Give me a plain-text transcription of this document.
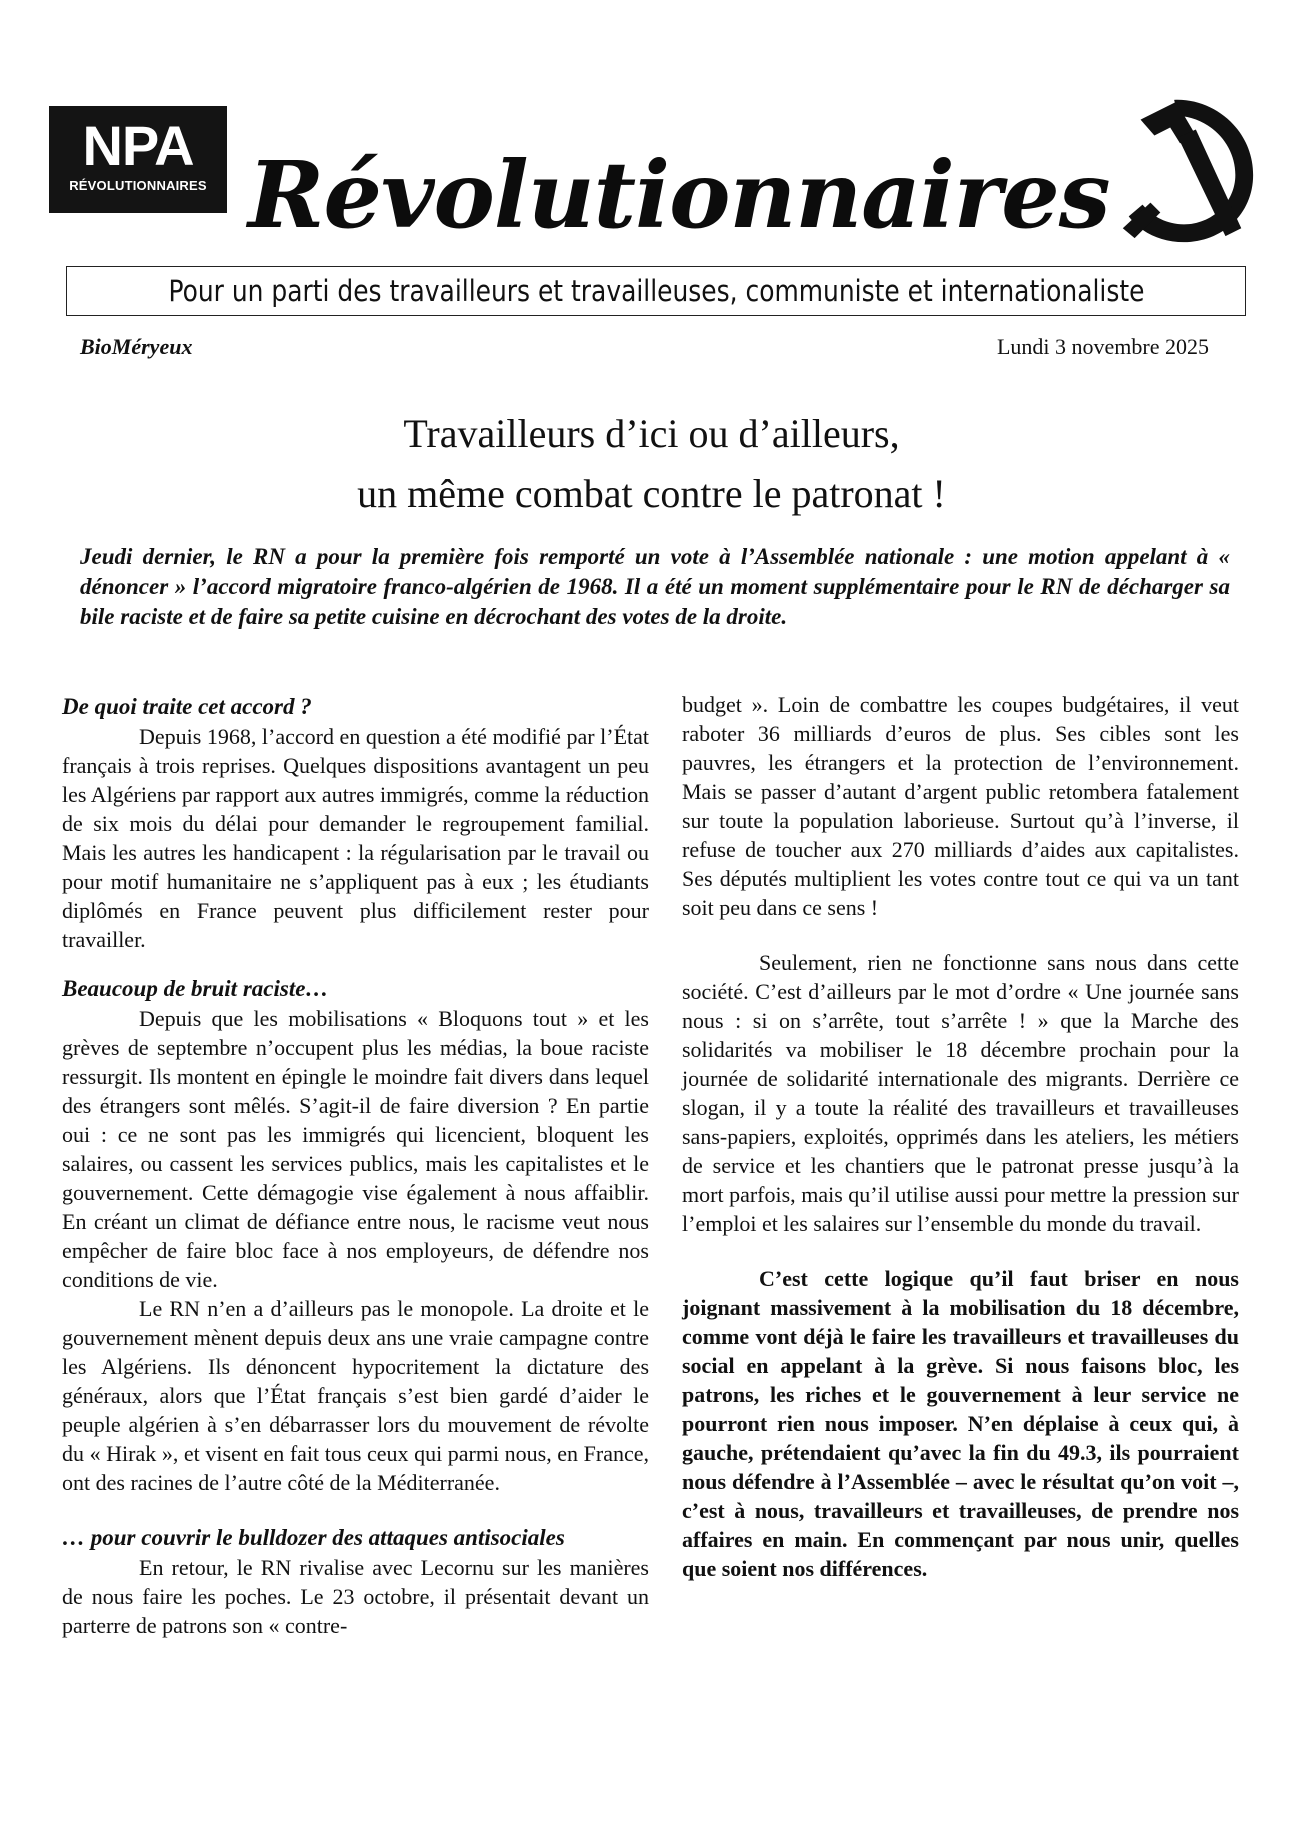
NPA
RÉVOLUTIONNAIRES Révolutionnaires
Pour un parti des travailleurs et travailleuses, communiste et internationaliste
BioMéryeux	Lundi 3 novembre 2025
Travailleurs d’ici ou d’ailleurs,
un même combat contre le patronat !
Jeudi dernier, le RN a pour la première fois remporté un vote à l’Assemblée nationale : une motion appelant à « dénoncer » l’accord migratoire franco-algérien de 1968. Il a été un moment supplémentaire pour le RN de décharger sa bile raciste et de faire sa petite cuisine en décrochant des votes de la droite.
De quoi traite cet accord ?

Depuis 1968, l’accord en question a été modifié par l’État français à trois reprises. Quelques dispositions avantagent un peu les Algériens par rapport aux autres immigrés, comme la réduction de six mois du délai pour demander le regroupement familial. Mais les autres les handicapent : la régularisation par le travail ou pour motif humanitaire ne s’appliquent pas à eux ; les étudiants diplômés en France peuvent plus difficilement rester pour travailler.

Beaucoup de bruit raciste…

Depuis que les mobilisations « Bloquons tout » et les grèves de septembre n’occupent plus les médias, la boue raciste ressurgit. Ils montent en épingle le moindre fait divers dans lequel des étrangers sont mêlés. S’agit-il de faire diversion ? En partie oui : ce ne sont pas les immigrés qui licencient, bloquent les salaires, ou cassent les services publics, mais les capitalistes et le gouvernement. Cette démagogie vise également à nous affaiblir. En créant un climat de défiance entre nous, le racisme veut nous empêcher de faire bloc face à nos employeurs, de défendre nos conditions de vie.

Le RN n’en a d’ailleurs pas le monopole. La droite et le gouvernement mènent depuis deux ans une vraie campagne contre les Algériens. Ils dénoncent hypocritement la dictature des généraux, alors que l’État français s’est bien gardé d’aider le peuple algérien à s’en débarrasser lors du mouvement de révolte du « Hirak », et visent en fait tous ceux qui parmi nous, en France, ont des racines de l’autre côté de la Méditerranée.

… pour couvrir le bulldozer des attaques antisociales

En retour, le RN rivalise avec Lecornu sur les manières de nous faire les poches. Le 23 octobre, il présentait devant un parterre de patrons son « contre-

budget ». Loin de combattre les coupes budgétaires, il veut raboter 36 milliards d’euros de plus. Ses cibles sont les pauvres, les étrangers et la protection de l’environnement. Mais se passer d’autant d’argent public retombera fatalement sur toute la population laborieuse. Surtout qu’à l’inverse, il refuse de toucher aux 270 milliards d’aides aux capitalistes. Ses députés multiplient les votes contre tout ce qui va un tant soit peu dans ce sens !

Seulement, rien ne fonctionne sans nous dans cette société. C’est d’ailleurs par le mot d’ordre « Une journée sans nous : si on s’arrête, tout s’arrête ! » que la Marche des solidarités va mobiliser le 18 décembre prochain pour la journée de solidarité internationale des migrants. Derrière ce slogan, il y a toute la réalité des travailleurs et travailleuses sans-papiers, exploités, opprimés dans les ateliers, les métiers de service et les chantiers que le patronat presse jusqu’à la mort parfois, mais qu’il utilise aussi pour mettre la pression sur l’emploi et les salaires sur l’ensemble du monde du travail.

C’est cette logique qu’il faut briser en nous joignant massivement à la mobilisation du 18 décembre, comme vont déjà le faire les travailleurs et travailleuses du social en appelant à la grève. Si nous faisons bloc, les patrons, les riches et le gouvernement à leur service ne pourront rien nous imposer. N’en déplaise à ceux qui, à gauche, prétendaient qu’avec la fin du 49.3, ils pourraient nous défendre à l’Assemblée – avec le résultat qu’on voit –, c’est à nous, travailleurs et travailleuses, de prendre nos affaires en main. En commençant par nous unir, quelles que soient nos différences.
